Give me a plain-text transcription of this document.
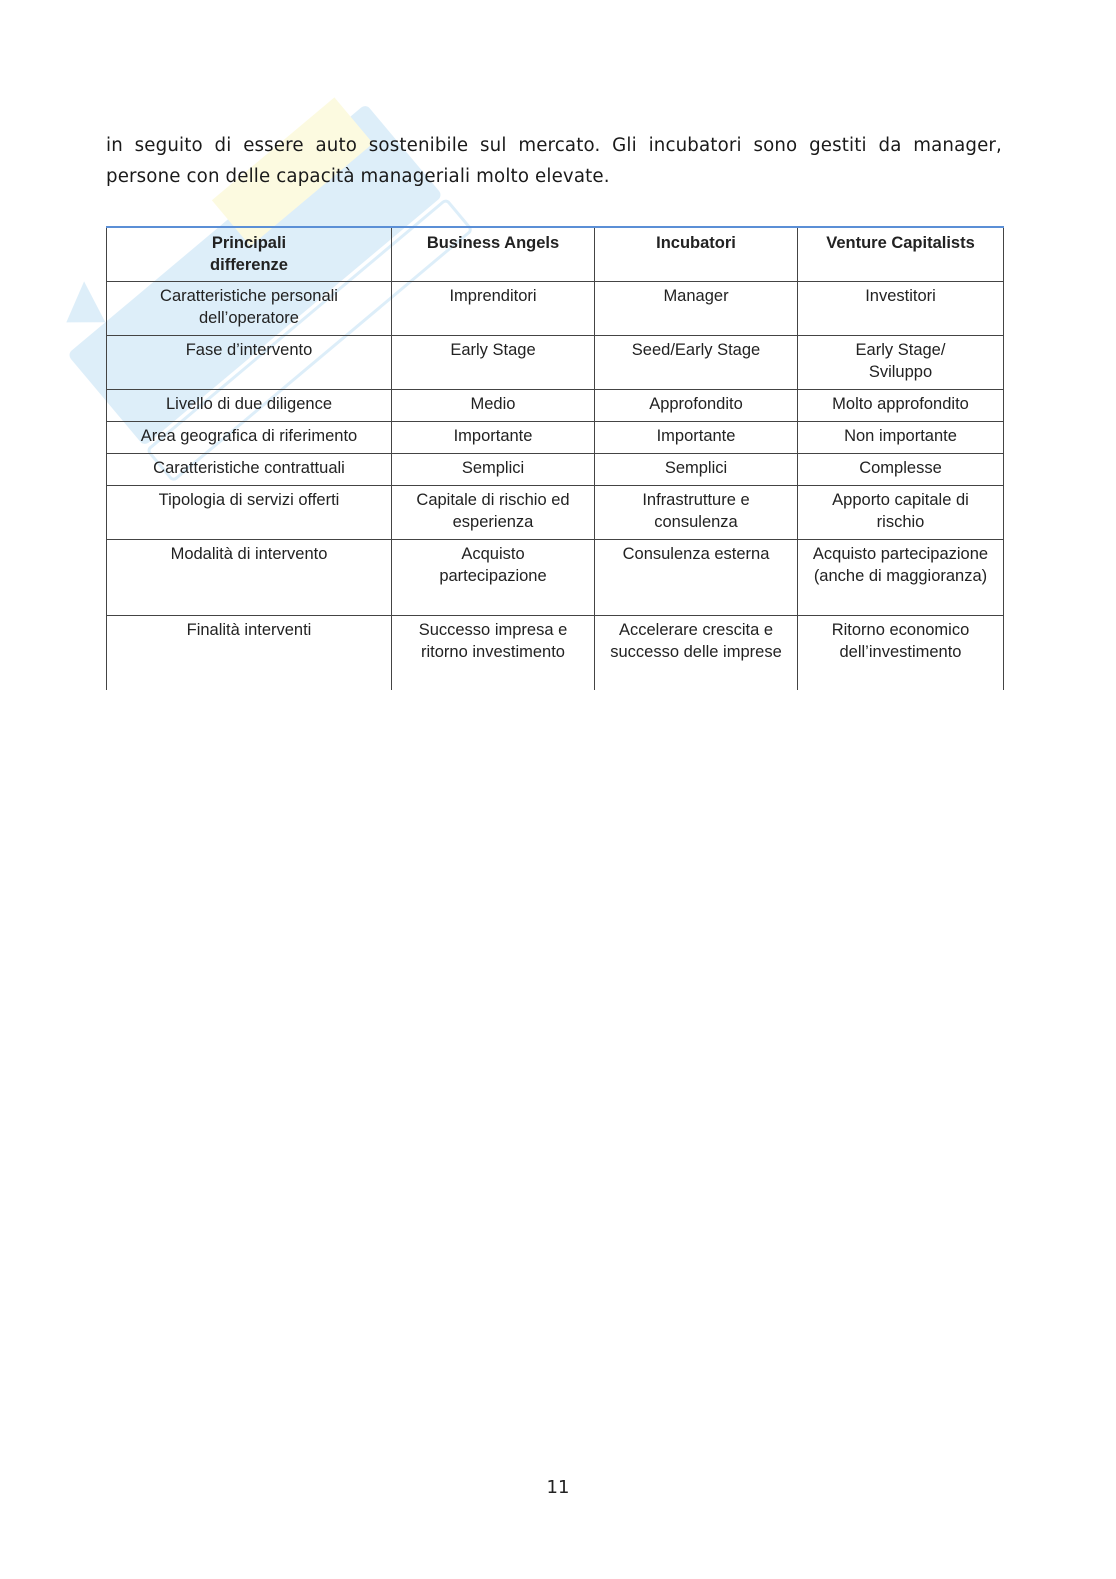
in seguito di essere auto sostenibile sul mercato. Gli incubatori sono gestiti da manager, persone con delle capacità manageriali molto elevate.

Principali differenze	Business Angels	Incubatori	Venture Capitalists
Caratteristiche personali dell’operatore	Imprenditori	Manager	Investitori
Fase d’intervento	Early Stage	Seed/Early Stage	Early Stage/ Sviluppo
Livello di due diligence	Medio	Approfondito	Molto approfondito
Area geografica di riferimento	Importante	Importante	Non importante
Caratteristiche contrattuali	Semplici	Semplici	Complesse
Tipologia di servizi offerti	Capitale di rischio ed esperienza	Infrastrutture e consulenza	Apporto capitale di rischio
Modalità di intervento	Acquisto partecipazione	Consulenza esterna	Acquisto partecipazione (anche di maggioranza)
Finalità interventi	Successo impresa e ritorno investimento	Accelerare crescita e successo delle imprese	Ritorno economico dell’investimento
11
